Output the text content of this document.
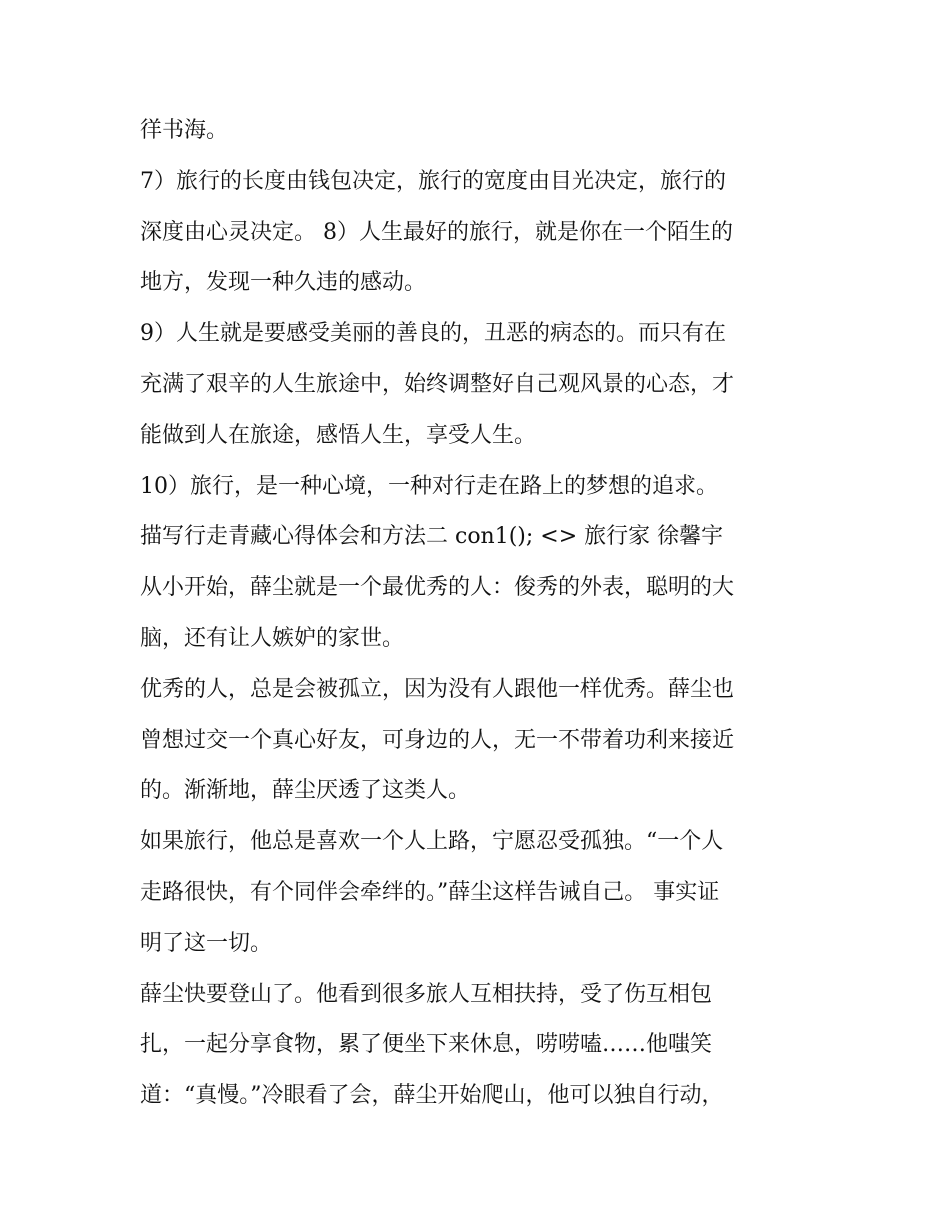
徉书海。
7）旅行的长度由钱包决定，旅行的宽度由目光决定，旅行的
深度由心灵决定。 8）人生最好的旅行，就是你在一个陌生的
地方，发现一种久违的感动。
9）人生就是要感受美丽的善良的，丑恶的病态的。而只有在
充满了艰辛的人生旅途中，始终调整好自己观风景的心态，才
能做到人在旅途，感悟人生，享受人生。
10）旅行，是一种心境，一种对行走在路上的梦想的追求。
描写行走青藏心得体会和方法二 con1(); <> 旅行家 徐馨宇
从小开始，薛尘就是一个最优秀的人：俊秀的外表，聪明的大
脑，还有让人嫉妒的家世。
优秀的人，总是会被孤立，因为没有人跟他一样优秀。薛尘也
曾想过交一个真心好友，可身边的人，无一不带着功利来接近
的。渐渐地，薛尘厌透了这类人。
如果旅行，他总是喜欢一个人上路，宁愿忍受孤独。“一个人
走路很快，有个同伴会牵绊的。”薛尘这样告诫自己。 事实证
明了这一切。
薛尘快要登山了。他看到很多旅人互相扶持，受了伤互相包
扎，一起分享食物，累了便坐下来休息，唠唠嗑……他嗤笑
道：“真慢。”冷眼看了会，薛尘开始爬山，他可以独自行动，
